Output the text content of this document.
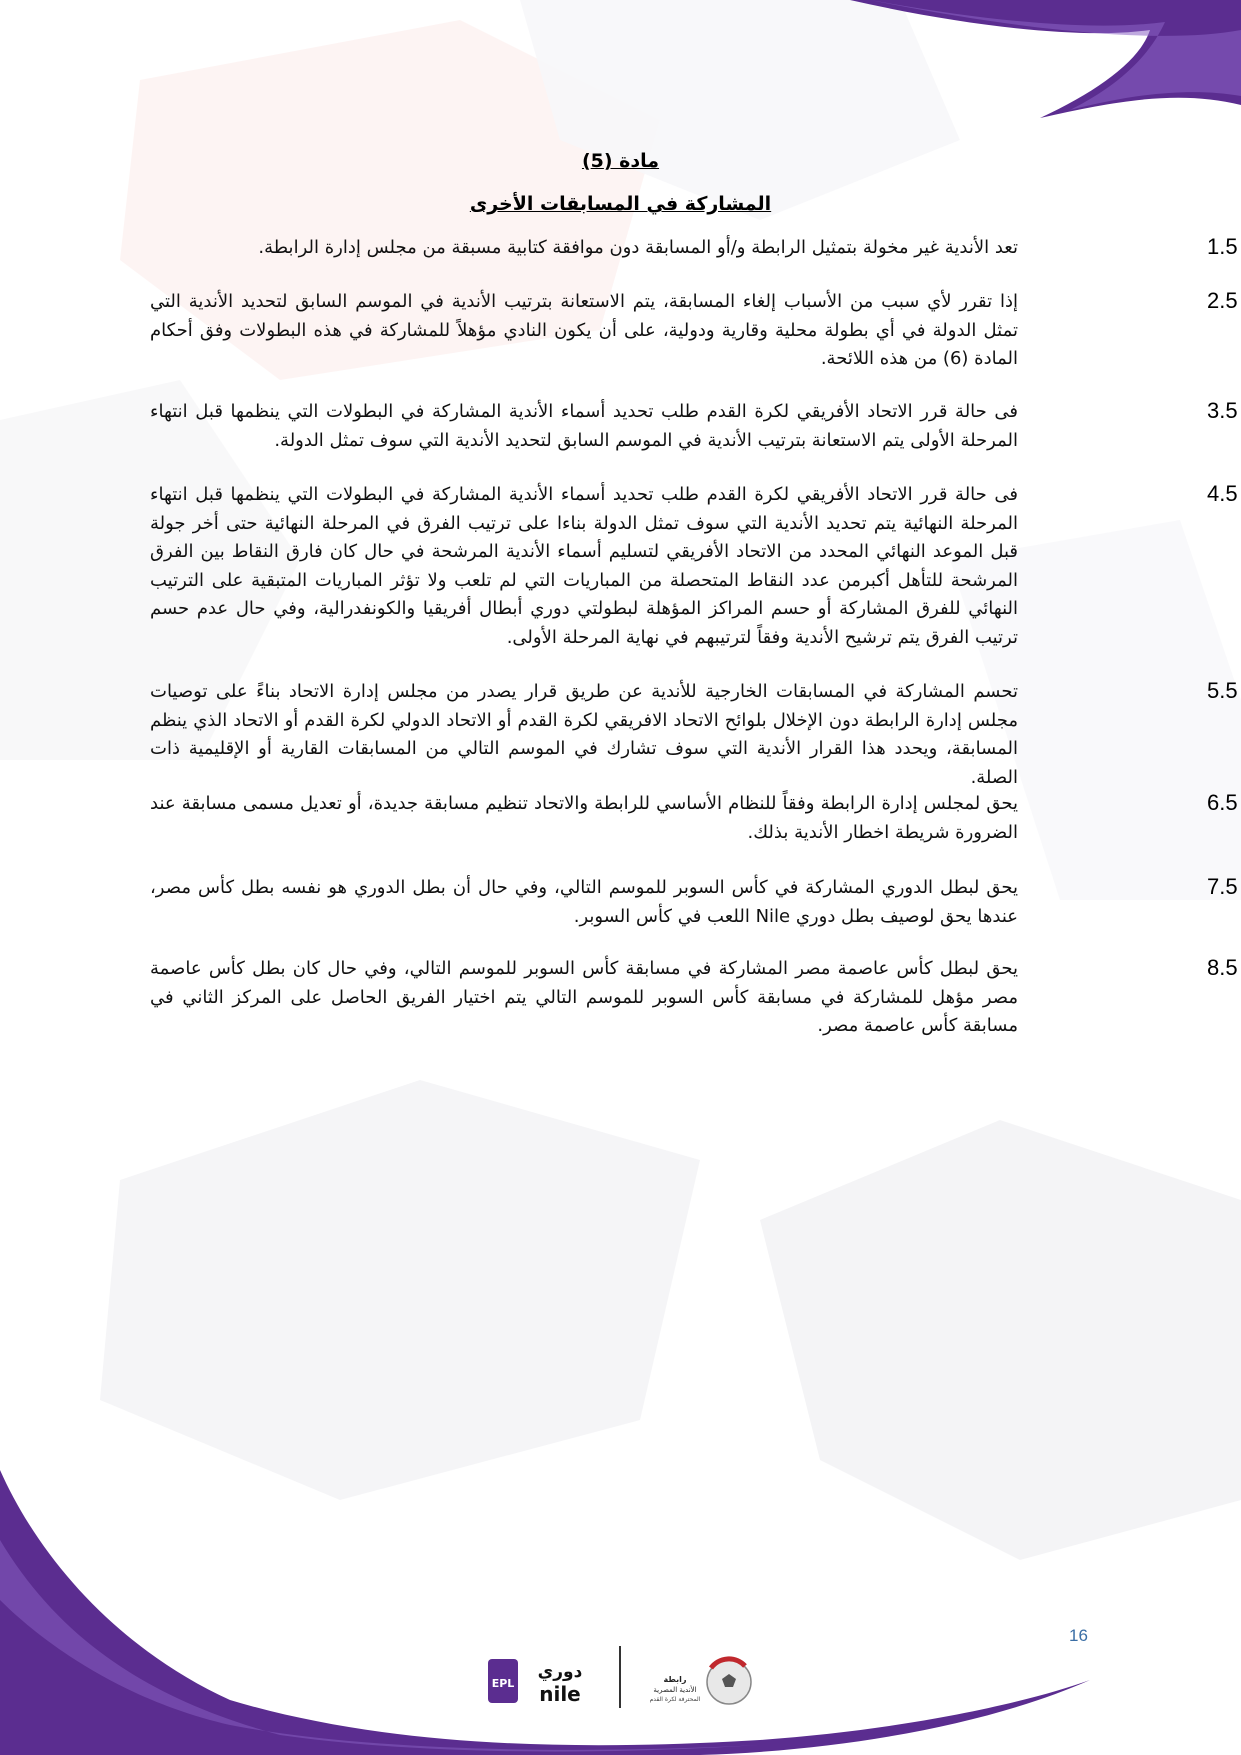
مادة (5)
المشاركة في المسابقات الأخرى
1.5
تعد الأندية غير مخولة بتمثيل الرابطة و/أو المسابقة دون موافقة كتابية مسبقة من مجلس إدارة الرابطة.
2.5
إذا تقرر لأي سبب من الأسباب إلغاء المسابقة، يتم الاستعانة بترتيب الأندية في الموسم السابق لتحديد الأندية التي تمثل الدولة في أي بطولة محلية وقارية ودولية، على أن يكون النادي مؤهلاً للمشاركة في هذه البطولات وفق أحكام المادة (6) من هذه اللائحة.
3.5
فى حالة قرر الاتحاد الأفريقي لكرة القدم طلب تحديد أسماء الأندية المشاركة في البطولات التي ينظمها قبل انتهاء المرحلة الأولى يتم الاستعانة بترتيب الأندية في الموسم السابق لتحديد الأندية التي سوف تمثل الدولة.
4.5
فى حالة قرر الاتحاد الأفريقي لكرة القدم طلب تحديد أسماء الأندية المشاركة في البطولات التي ينظمها قبل انتهاء المرحلة النهائية يتم تحديد الأندية التي سوف تمثل الدولة بناءا على ترتيب الفرق في المرحلة النهائية حتى أخر جولة قبل الموعد النهائي المحدد من الاتحاد الأفريقي لتسليم أسماء الأندية المرشحة في حال كان فارق النقاط بين الفرق المرشحة للتأهل أكبرمن عدد النقاط المتحصلة من المباريات التي لم تلعب ولا تؤثر المباريات المتبقية على الترتيب النهائي للفرق المشاركة أو حسم المراكز المؤهلة لبطولتي دوري أبطال أفريقيا والكونفدرالية، وفي حال عدم حسم ترتيب الفرق يتم ترشيح الأندية وفقاً لترتيبهم في نهاية المرحلة الأولى.
5.5
تحسم المشاركة في المسابقات الخارجية للأندية عن طريق قرار يصدر من مجلس إدارة الاتحاد بناءً على توصيات مجلس إدارة الرابطة دون الإخلال بلوائح الاتحاد الافريقي لكرة القدم أو الاتحاد الدولي لكرة القدم أو الاتحاد الذي ينظم المسابقة، ويحدد هذا القرار الأندية التي سوف تشارك في الموسم التالي من المسابقات القارية أو الإقليمية ذات الصلة.
6.5
يحق لمجلس إدارة الرابطة وفقاً للنظام الأساسي للرابطة والاتحاد تنظيم مسابقة جديدة، أو تعديل مسمى مسابقة عند الضرورة شريطة اخطار الأندية بذلك.
7.5
يحق لبطل الدوري المشاركة في كأس السوبر للموسم التالي، وفي حال أن بطل الدوري هو نفسه بطل كأس مصر، عندها يحق لوصيف بطل دوري Nile اللعب في كأس السوبر.
8.5
يحق لبطل كأس عاصمة مصر المشاركة في مسابقة كأس السوبر للموسم التالي، وفي حال كان بطل كأس عاصمة مصر مؤهل للمشاركة في مسابقة كأس السوبر للموسم التالي يتم اختيار الفريق الحاصل على المركز الثاني في مسابقة كأس عاصمة مصر.
16
EPL
دوري
nile
رابطة
الأندية المصرية
المحترفة لكرة القدم
